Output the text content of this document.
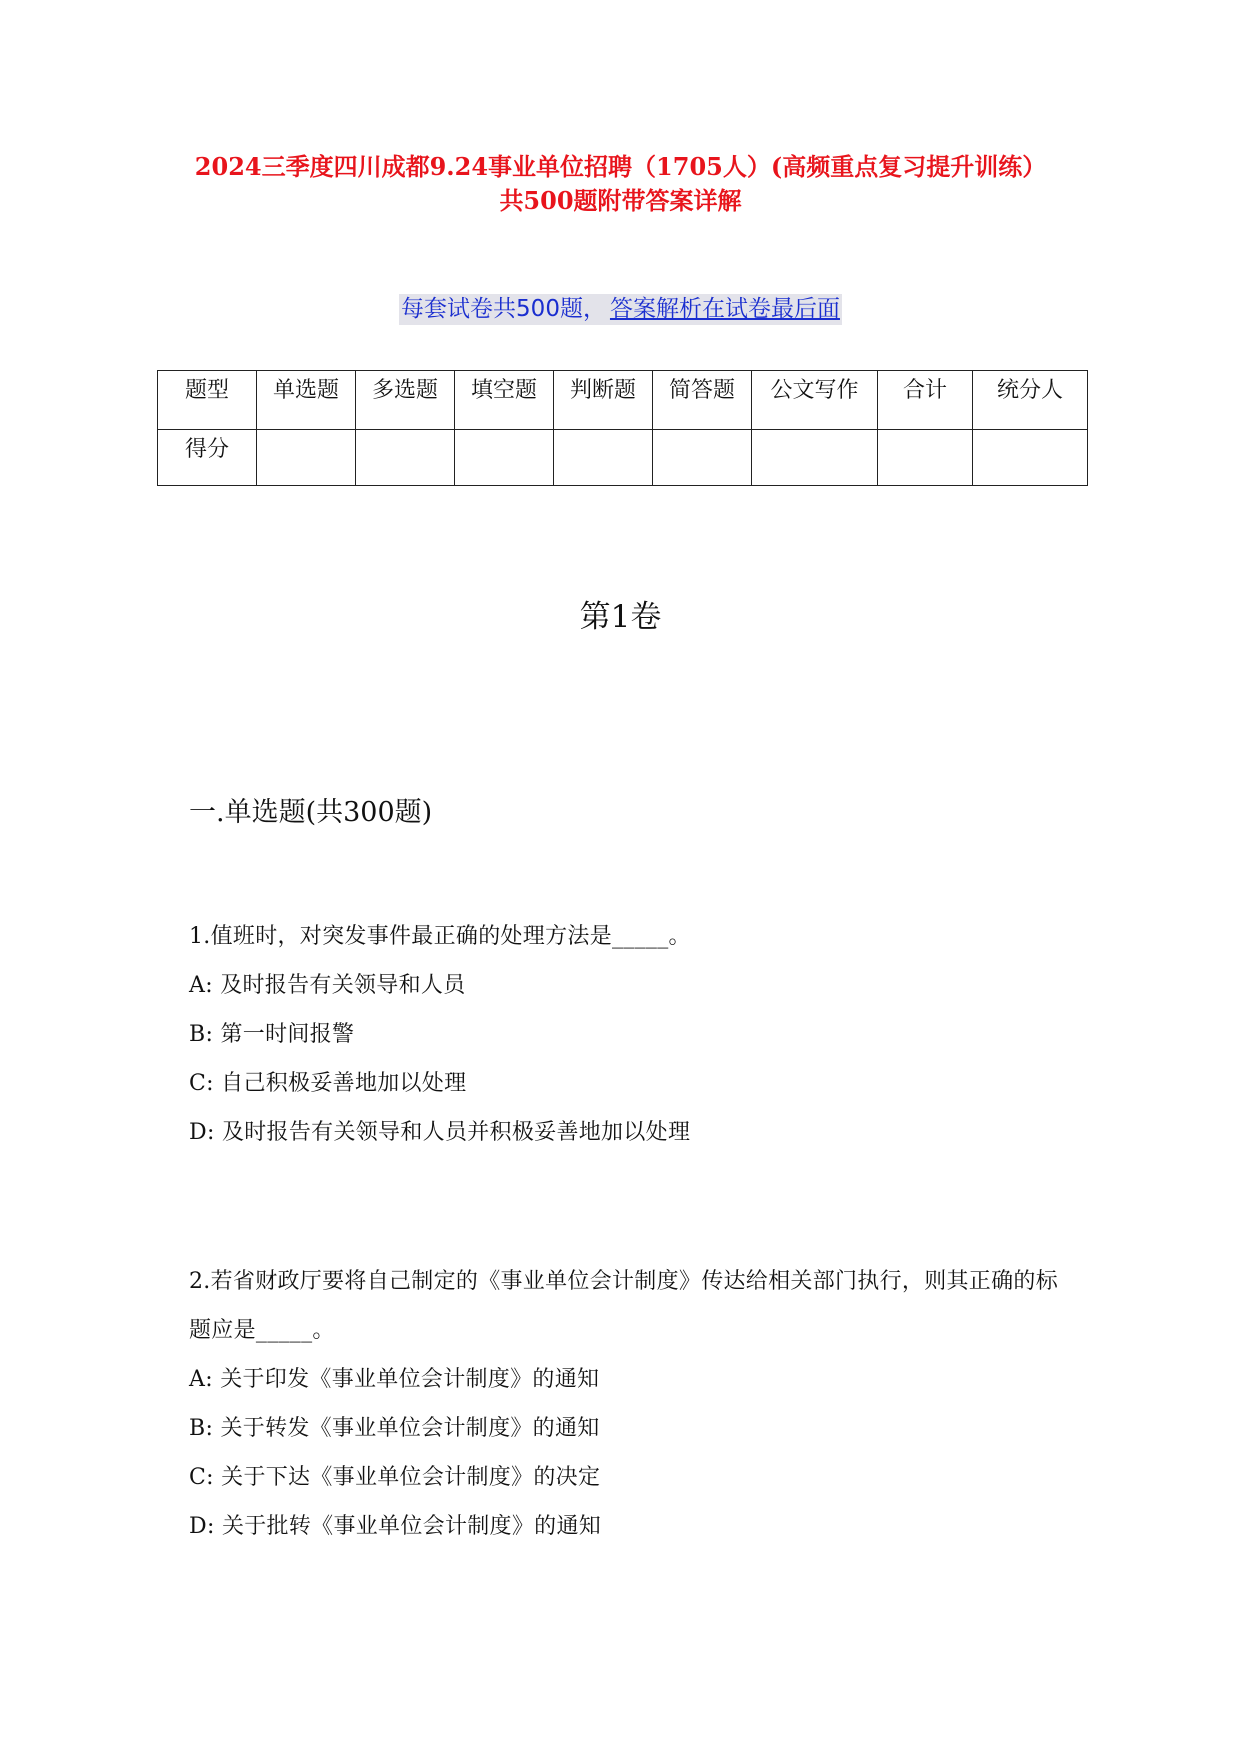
2024三季度四川成都9.24事业单位招聘（1705人）(高频重点复习提升训练）
共500题附带答案详解
每套试卷共500题， 答案解析在试卷最后面
题型	单选题	多选题	填空题	判断题	简答题	公文写作	合计	统分人
得分								
第1卷
一.单选题(共300题)
1.值班时，对突发事件最正确的处理方法是_____。
A: 及时报告有关领导和人员
B: 第一时间报警
C: 自己积极妥善地加以处理
D: 及时报告有关领导和人员并积极妥善地加以处理
2.若省财政厅要将自己制定的《事业单位会计制度》传达给相关部门执行，则其正确的标题应是_____。
A: 关于印发《事业单位会计制度》的通知
B: 关于转发《事业单位会计制度》的通知
C: 关于下达《事业单位会计制度》的决定
D: 关于批转《事业单位会计制度》的通知
